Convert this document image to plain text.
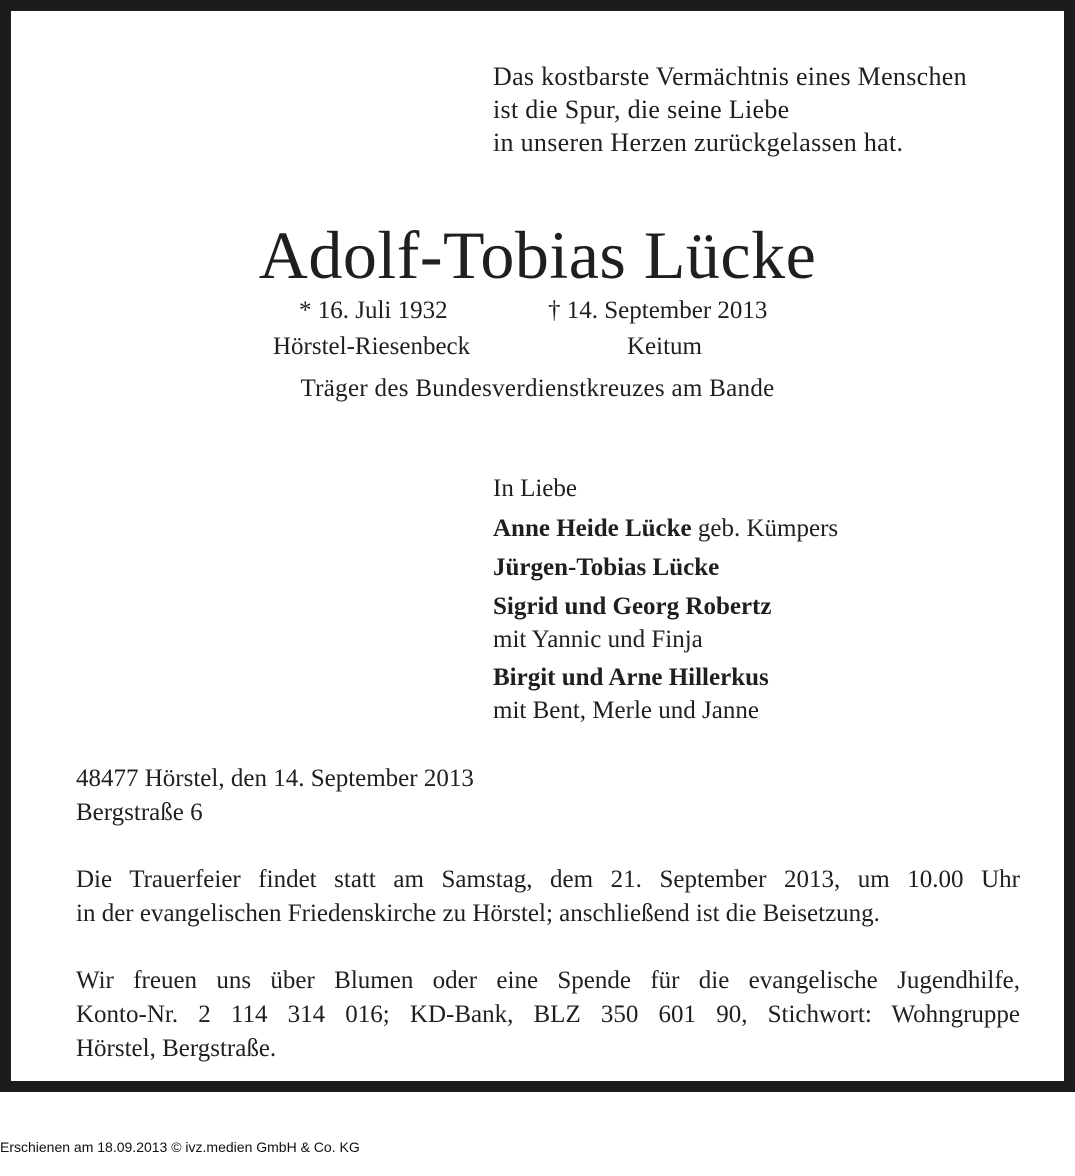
Das kostbarste Vermächtnis eines Menschen
ist die Spur, die seine Liebe
in unseren Herzen zurückgelassen hat.
Adolf-Tobias Lücke
* 16. Juli 1932	† 14. September 2013
Hörstel-Riesenbeck	Keitum
Träger des Bundesverdienstkreuzes am Bande
In Liebe
Anne Heide Lücke geb. Kümpers
Jürgen-Tobias Lücke
Sigrid und Georg Robertz
mit Yannic und Finja
Birgit und Arne Hillerkus
mit Bent, Merle und Janne
48477 Hörstel, den 14. September 2013
Bergstraße 6
Die Trauerfeier findet statt am Samstag, dem 21. September 2013, um 10.00 Uhr
in der evangelischen Friedenskirche zu Hörstel; anschließend ist die Beisetzung.
Wir freuen uns über Blumen oder eine Spende für die evangelische Jugendhilfe,
Konto-Nr. 2 114 314 016; KD-Bank, BLZ 350 601 90, Stichwort: Wohngruppe
Hörstel, Bergstraße.
Erschienen am 18.09.2013 © ivz.medien GmbH & Co. KG
